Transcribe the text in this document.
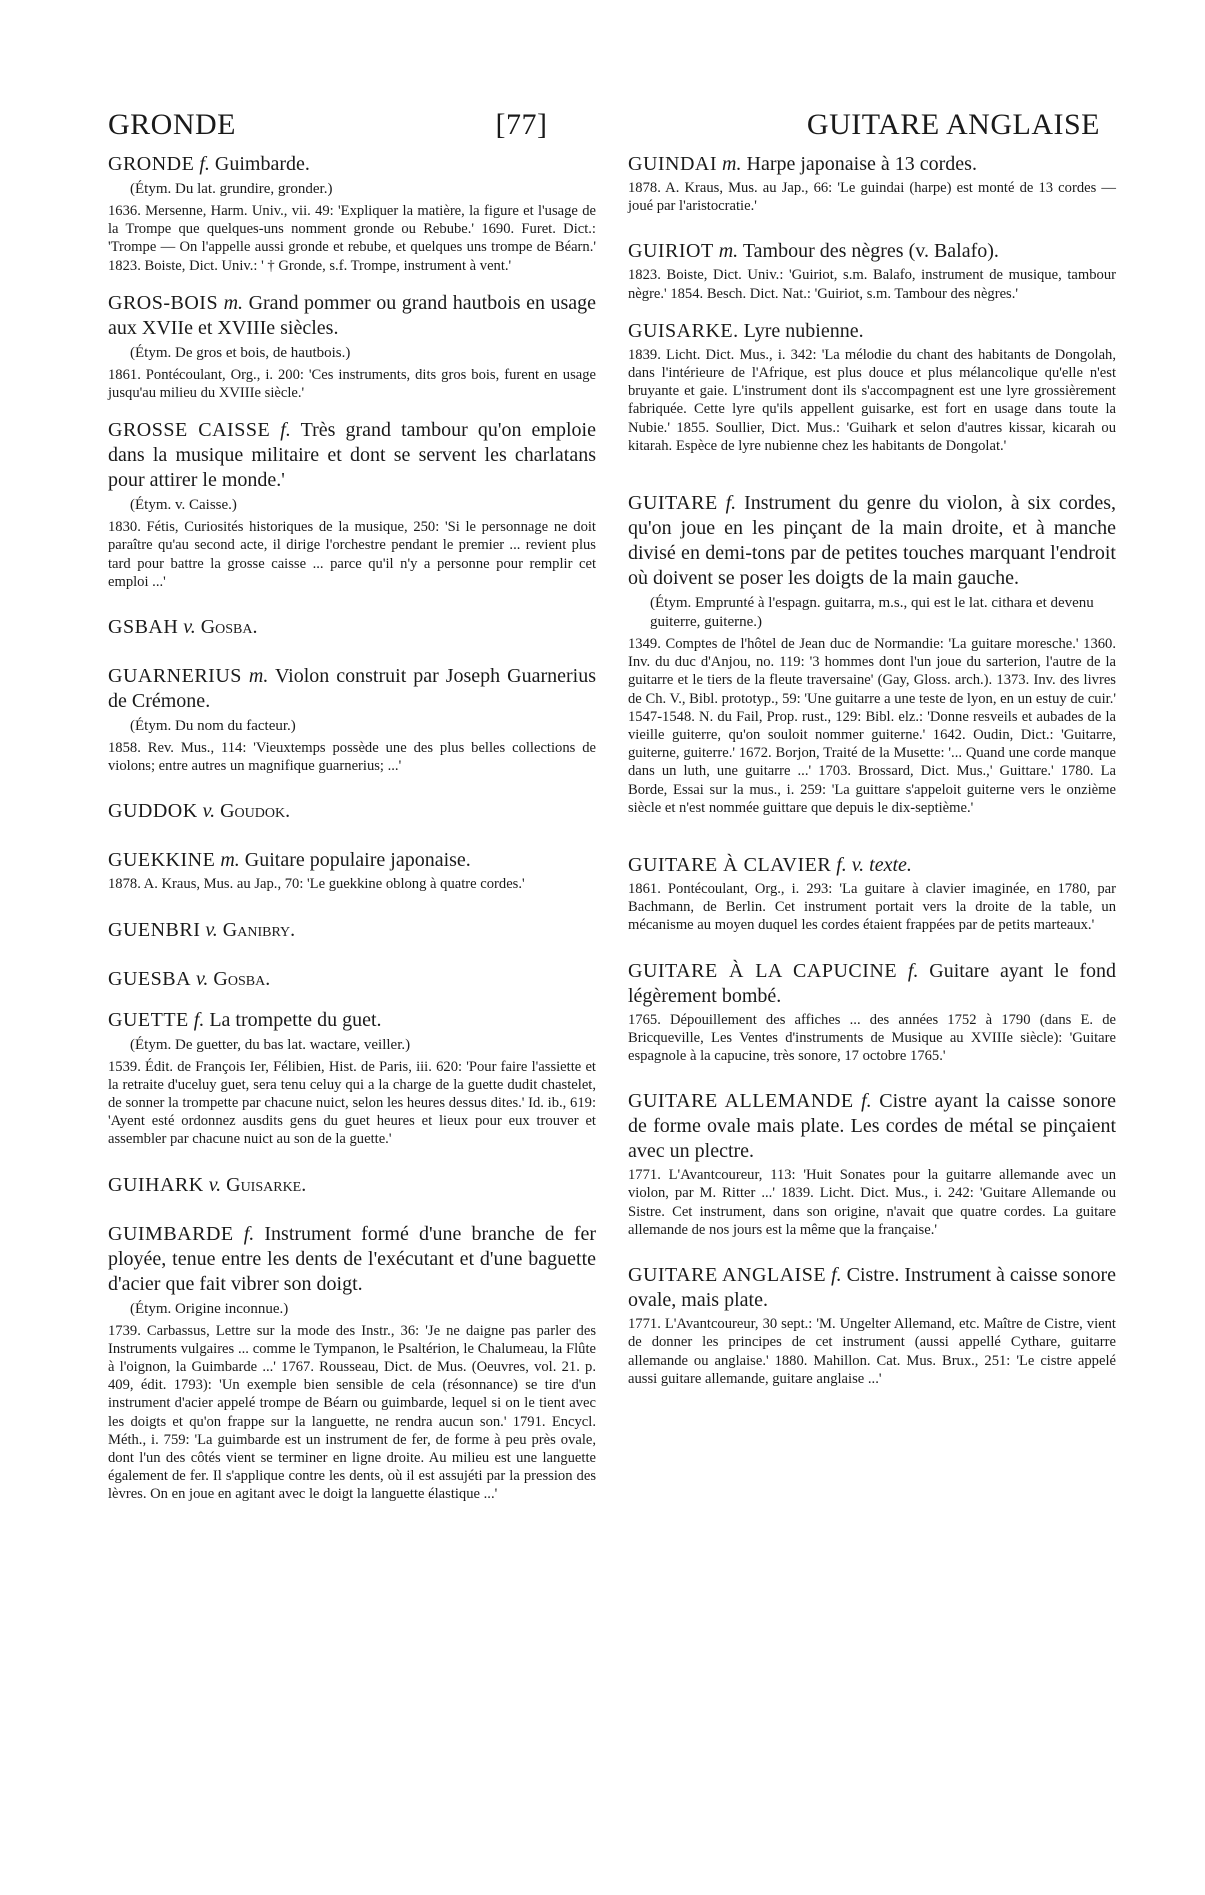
GRONDE	[77]	GUITARE ANGLAISE

GRONDE f. Guimbarde.

(Étym. Du lat. grundire, gronder.)

1636. Mersenne, Harm. Univ., vii. 49: 'Expliquer la matière, la figure et l'usage de la Trompe que quelques-uns nomment gronde ou Rebube.' 1690. Furet. Dict.: 'Trompe — On l'appelle aussi gronde et rebube, et quelques uns trompe de Béarn.' 1823. Boiste, Dict. Univ.: ' † Gronde, s.f. Trompe, instrument à vent.'

GROS-BOIS m. Grand pommer ou grand hautbois en usage aux XVIIe et XVIIIe siècles.

(Étym. De gros et bois, de hautbois.)

1861. Pontécoulant, Org., i. 200: 'Ces instruments, dits gros bois, furent en usage jusqu'au milieu du XVIIIe siècle.'

GROSSE CAISSE f. Très grand tambour qu'on emploie dans la musique militaire et dont se servent les charlatans pour attirer le monde.'

(Étym. v. Caisse.)

1830. Fétis, Curiosités historiques de la musique, 250: 'Si le personnage ne doit paraître qu'au second acte, il dirige l'orchestre pendant le premier ... revient plus tard pour battre la grosse caisse ... parce qu'il n'y a personne pour remplir cet emploi ...'

GSBAH v. Gosba.

GUARNERIUS m. Violon construit par Joseph Guarnerius de Crémone.

(Étym. Du nom du facteur.)

1858. Rev. Mus., 114: 'Vieuxtemps possède une des plus belles collections de violons; entre autres un magnifique guarnerius; ...'

GUDDOK v. Goudok.

GUEKKINE m. Guitare populaire japonaise.

1878. A. Kraus, Mus. au Jap., 70: 'Le guekkine oblong à quatre cordes.'

GUENBRI v. Ganibry.

GUESBA v. Gosba.

GUETTE f. La trompette du guet.

(Étym. De guetter, du bas lat. wactare, veiller.)

1539. Édit. de François Ier, Félibien, Hist. de Paris, iii. 620: 'Pour faire l'assiette et la retraite d'uceluy guet, sera tenu celuy qui a la charge de la guette dudit chastelet, de sonner la trompette par chacune nuict, selon les heures dessus dites.' Id. ib., 619: 'Ayent esté ordonnez ausdits gens du guet heures et lieux pour eux trouver et assembler par chacune nuict au son de la guette.'

GUIHARK v. Guisarke.

GUIMBARDE f. Instrument formé d'une branche de fer ployée, tenue entre les dents de l'exécutant et d'une baguette d'acier que fait vibrer son doigt.

(Étym. Origine inconnue.)

1739. Carbassus, Lettre sur la mode des Instr., 36: 'Je ne daigne pas parler des Instruments vulgaires ... comme le Tympanon, le Psaltérion, le Chalumeau, la Flûte à l'oignon, la Guimbarde ...' 1767. Rousseau, Dict. de Mus. (Oeuvres, vol. 21. p. 409, édit. 1793): 'Un exemple bien sensible de cela (résonnance) se tire d'un instrument d'acier appelé trompe de Béarn ou guimbarde, lequel si on le tient avec les doigts et qu'on frappe sur la languette, ne rendra aucun son.' 1791. Encycl. Méth., i. 759: 'La guimbarde est un instrument de fer, de forme à peu près ovale, dont l'un des côtés vient se terminer en ligne droite. Au milieu est une languette également de fer. Il s'applique contre les dents, où il est assujéti par la pression des lèvres. On en joue en agitant avec le doigt la languette élastique ...'

GUINDAI m. Harpe japonaise à 13 cordes.

1878. A. Kraus, Mus. au Jap., 66: 'Le guindai (harpe) est monté de 13 cordes — joué par l'aristocratie.'

GUIRIOT m. Tambour des nègres (v. Balafo).

1823. Boiste, Dict. Univ.: 'Guiriot, s.m. Balafo, instrument de musique, tambour nègre.' 1854. Besch. Dict. Nat.: 'Guiriot, s.m. Tambour des nègres.'

GUISARKE. Lyre nubienne.

1839. Licht. Dict. Mus., i. 342: 'La mélodie du chant des habitants de Dongolah, dans l'intérieure de l'Afrique, est plus douce et plus mélancolique qu'elle n'est bruyante et gaie. L'instrument dont ils s'accompagnent est une lyre grossièrement fabriquée. Cette lyre qu'ils appellent guisarke, est fort en usage dans toute la Nubie.' 1855. Soullier, Dict. Mus.: 'Guihark et selon d'autres kissar, kicarah ou kitarah. Espèce de lyre nubienne chez les habitants de Dongolat.'

GUITARE f. Instrument du genre du violon, à six cordes, qu'on joue en les pinçant de la main droite, et à manche divisé en demi-tons par de petites touches marquant l'endroit où doivent se poser les doigts de la main gauche.

(Étym. Emprunté à l'espagn. guitarra, m.s., qui est le lat. cithara et devenu guiterre, guiterne.)

1349. Comptes de l'hôtel de Jean duc de Normandie: 'La guitare moresche.' 1360. Inv. du duc d'Anjou, no. 119: '3 hommes dont l'un joue du sarterion, l'autre de la guitarre et le tiers de la fleute traversaine' (Gay, Gloss. arch.). 1373. Inv. des livres de Ch. V., Bibl. prototyp., 59: 'Une guitarre a une teste de lyon, en un estuy de cuir.' 1547-1548. N. du Fail, Prop. rust., 129: Bibl. elz.: 'Donne resveils et aubades de la vieille guiterre, qu'on souloit nommer guiterne.' 1642. Oudin, Dict.: 'Guitarre, guiterne, guiterre.' 1672. Borjon, Traité de la Musette: '... Quand une corde manque dans un luth, une guitarre ...' 1703. Brossard, Dict. Mus.,' Guittare.' 1780. La Borde, Essai sur la mus., i. 259: 'La guittare s'appeloit guiterne vers le onzième siècle et n'est nommée guittare que depuis le dix-septième.'

GUITARE À CLAVIER f. v. texte.

1861. Pontécoulant, Org., i. 293: 'La guitare à clavier imaginée, en 1780, par Bachmann, de Berlin. Cet instrument portait vers la droite de la table, un mécanisme au moyen duquel les cordes étaient frappées par de petits marteaux.'

GUITARE À LA CAPUCINE f. Guitare ayant le fond légèrement bombé.

1765. Dépouillement des affiches ... des années 1752 à 1790 (dans E. de Bricqueville, Les Ventes d'instruments de Musique au XVIIIe siècle): 'Guitare espagnole à la capucine, très sonore, 17 octobre 1765.'

GUITARE ALLEMANDE f. Cistre ayant la caisse sonore de forme ovale mais plate. Les cordes de métal se pinçaient avec un plectre.

1771. L'Avantcoureur, 113: 'Huit Sonates pour la guitarre allemande avec un violon, par M. Ritter ...' 1839. Licht. Dict. Mus., i. 242: 'Guitare Allemande ou Sistre. Cet instrument, dans son origine, n'avait que quatre cordes. La guitare allemande de nos jours est la même que la française.'

GUITARE ANGLAISE f. Cistre. Instrument à caisse sonore ovale, mais plate.

1771. L'Avantcoureur, 30 sept.: 'M. Ungelter Allemand, etc. Maître de Cistre, vient de donner les principes de cet instrument (aussi appellé Cythare, guitarre allemande ou anglaise.' 1880. Mahillon. Cat. Mus. Brux., 251: 'Le cistre appelé aussi guitare allemande, guitare anglaise ...'
